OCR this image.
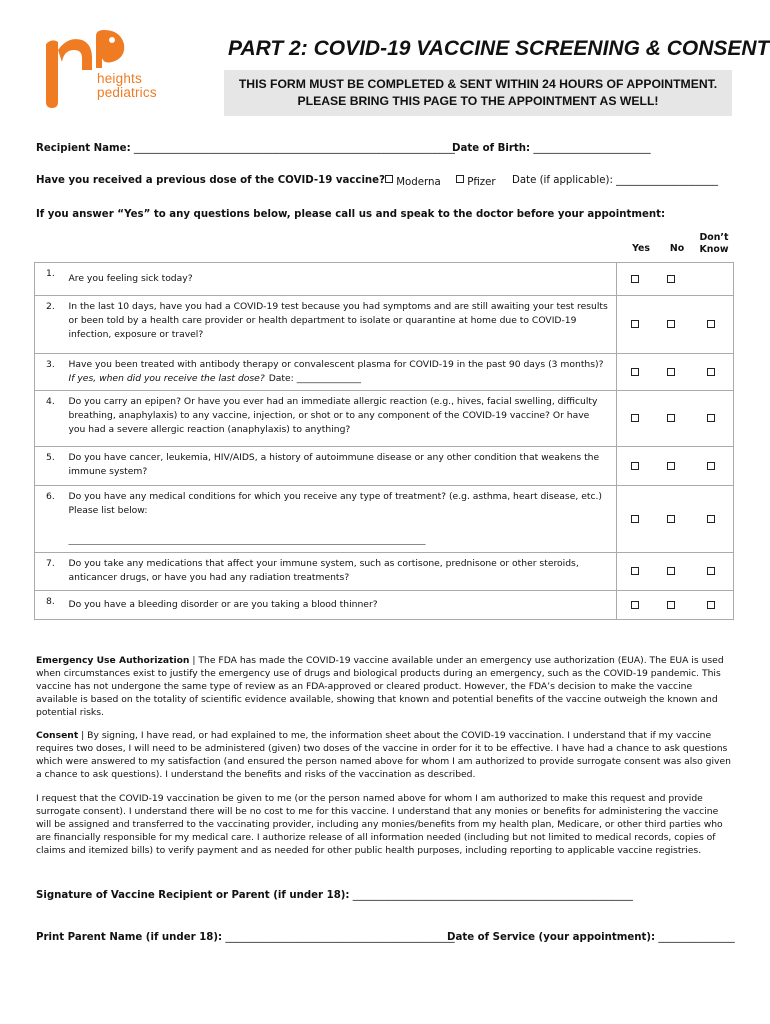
heights
pediatrics
PART 2: COVID-19 VACCINE SCREENING & CONSENT
THIS FORM MUST BE COMPLETED & SENT WITHIN 24 HOURS OF APPOINTMENT.
PLEASE BRING THIS PAGE TO THE APPOINTMENT AS WELL!
Recipient Name: _______________________________________________________________
Date of Birth: _______________________
Have you received a previous dose of the COVID-19 vaccine?	Moderna	Pfizer Date (if applicable): ____________________
If you answer “Yes” to any questions below, please call us and speak to the doctor before your appointment:
Yes	No
Don’t
Know
1.	Are you feeling sick today?			
2.	In the last 10 days, have you had a COVID-19 test because you had symptoms and are still awaiting your test results or been told by a health care provider or health department to isolate or quarantine at home due to COVID-19 infection, exposure or travel?			
3.	Have you been treated with antibody therapy or convalescent plasma for COVID-19 in the past 90 days (3 months)? If yes, when did you receive the last dose? Date: ______________			
4.	Do you carry an epipen? Or have you ever had an immediate allergic reaction (e.g., hives, facial swelling, difficulty breathing, anaphylaxis) to any vaccine, injection, or shot or to any component of the COVID-19 vaccine? Or have you had a severe allergic reaction (anaphylaxis) to anything?			
5.	Do you have cancer, leukemia, HIV/AIDS, a history of autoimmune disease or any other condition that weakens the immune system?			
6.	Do you have any medical conditions for which you receive any type of treatment? (e.g. asthma, heart disease, etc.) Please list below:
______________________________________________________________________________________________________			

7.	Do you take any medications that affect your immune system, such as cortisone, prednisone or other steroids, anticancer drugs, or have you had any radiation treatments?			
8.	Do you have a bleeding disorder or are you taking a blood thinner?			
Emergency Use Authorization | The FDA has made the COVID-19 vaccine available under an emergency use authorization (EUA). The EUA is used when circumstances exist to justify the emergency use of drugs and biological products during an emergency, such as the COVID-19 pandemic. This vaccine has not undergone the same type of review as an FDA-approved or cleared product. However, the FDA’s decision to make the vaccine available is based on the totality of scientific evidence available, showing that known and potential benefits of the vaccine outweigh the known and potential risks.
Consent | By signing, I have read, or had explained to me, the information sheet about the COVID-19 vaccination. I understand that if my vaccine requires two doses, I will need to be administered (given) two doses of the vaccine in order for it to be effective. I have had a chance to ask questions which were answered to my satisfaction (and ensured the person named above for whom I am authorized to provide surrogate consent was also given a chance to ask questions). I understand the benefits and risks of the vaccination as described.
I request that the COVID-19 vaccination be given to me (or the person named above for whom I am authorized to make this request and provide surrogate consent). I understand there will be no cost to me for this vaccine. I understand that any monies or benefits for administering the vaccine will be assigned and transferred to the vaccinating provider, including any monies/benefits from my health plan, Medicare, or other third parties who are financially responsible for my medical care. I authorize release of all information needed (including but not limited to medical records, copies of claims and itemized bills) to verify payment and as needed for other public health purposes, including reporting to applicable vaccine registries.
Signature of Vaccine Recipient or Parent (if under 18): _______________________________________________________
Print Parent Name (if under 18): _____________________________________________
Date of Service (your appointment): _______________
